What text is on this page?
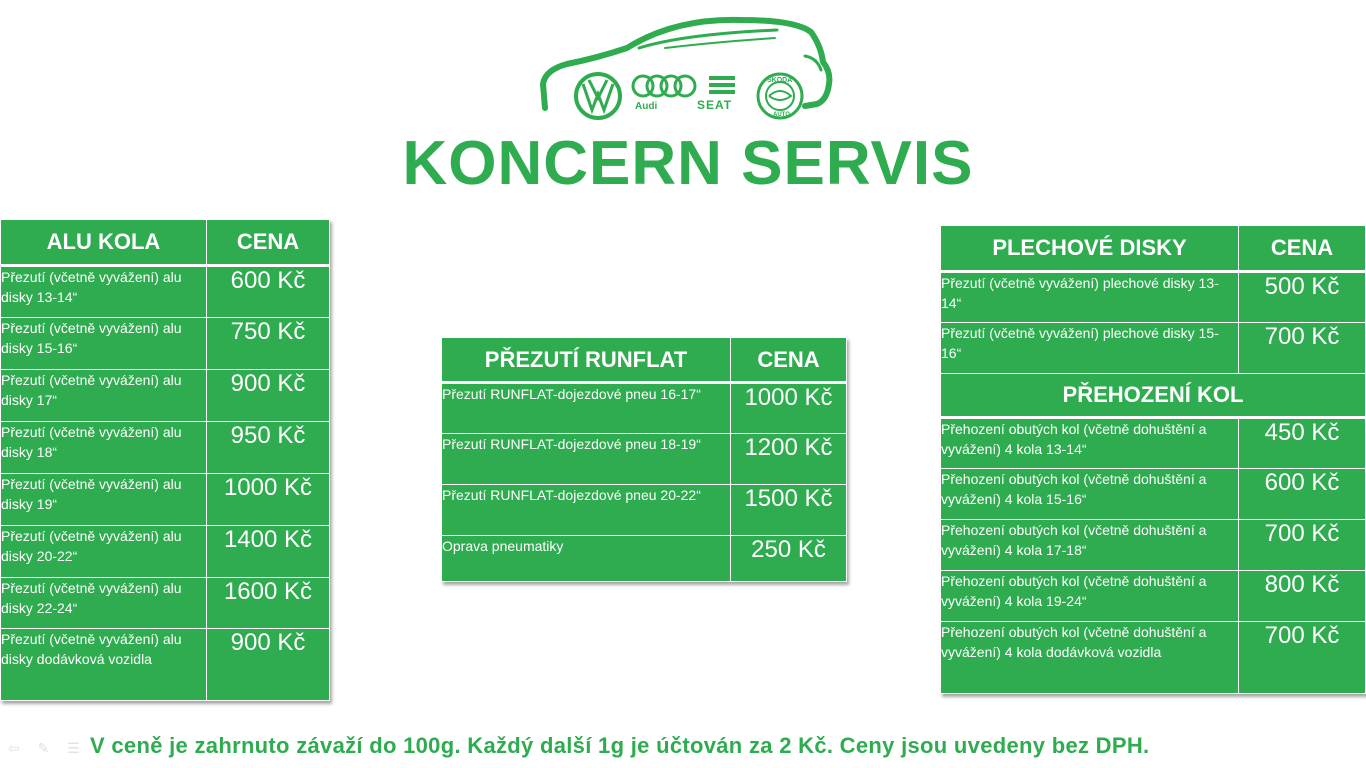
Audi	SEAT
ŠKODA
AUTO
KONCERN SERVIS
ALU KOLA	CENA
Přezutí (včetně vyvážení) alu disky 13-14“	600 Kč
Přezutí (včetně vyvážení) alu disky 15-16“	750 Kč
Přezutí (včetně vyvážení) alu disky 17“	900 Kč
Přezutí (včetně vyvážení) alu disky 18“	950 Kč
Přezutí (včetně vyvážení) alu disky 19“	1000 Kč
Přezutí (včetně vyvážení) alu disky 20-22“	1400 Kč
Přezutí (včetně vyvážení) alu disky 22-24“	1600 Kč
Přezutí (včetně vyvážení) alu disky dodávková vozidla	900 Kč
PŘEZUTÍ RUNFLAT	CENA
Přezutí RUNFLAT-dojezdové pneu 16-17“	1000 Kč
Přezutí RUNFLAT-dojezdové pneu 18-19“	1200 Kč
Přezutí RUNFLAT-dojezdové pneu 20-22“	1500 Kč
Oprava pneumatiky	250 Kč
PLECHOVÉ DISKY	CENA
Přezutí (včetně vyvážení) plechové disky 13-14“	500 Kč
Přezutí (včetně vyvážení) plechové disky 15-16“	700 Kč
PŘEHOZENÍ KOL	
Přehození obutých kol (včetně dohuštění a vyvážení) 4 kola 13-14“	450 Kč
Přehození obutých kol (včetně dohuštění a vyvážení) 4 kola 15-16“	600 Kč
Přehození obutých kol (včetně dohuštění a vyvážení) 4 kola 17-18“	700 Kč
Přehození obutých kol (včetně dohuštění a vyvážení) 4 kola 19-24“	800 Kč
Přehození obutých kol (včetně dohuštění a vyvážení) 4 kola dodávková vozidla	700 Kč
⇦ ✎ ☰ V ceně je zahrnuto závaží do 100g. Každý další 1g je účtován za 2 Kč. Ceny jsou uvedeny bez DPH.
